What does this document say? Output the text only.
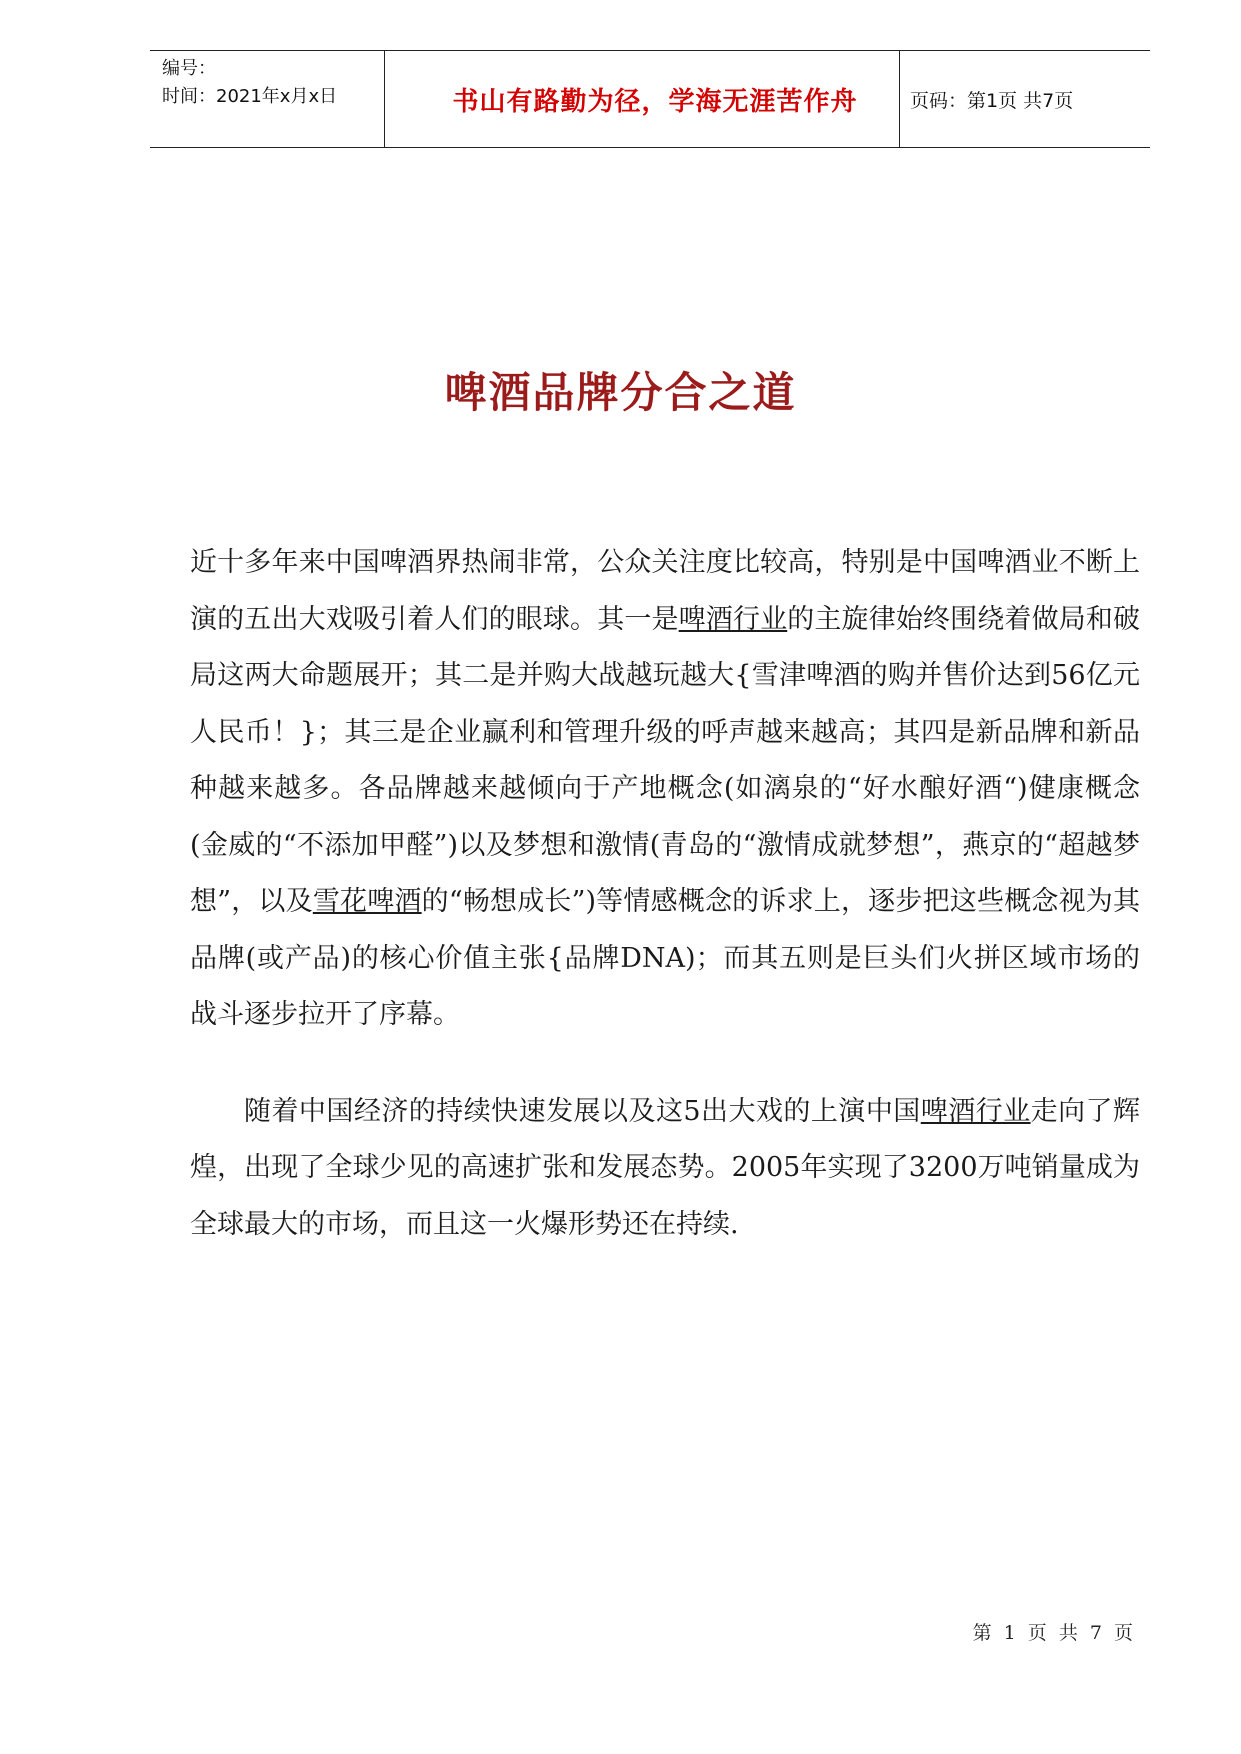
编号：
时间：2021年x月x日	书山有路勤为径，学海无涯苦作舟	页码：第1页 共7页
啤酒品牌分合之道

近十多年来中国啤酒界热闹非常，公众关注度比较高，特别是中国啤酒业不断上演的五出大戏吸引着人们的眼球。其一是啤酒行业的主旋律始终围绕着做局和破局这两大命题展开；其二是并购大战越玩越大{雪津啤酒的购并售价达到56亿元人民币！}；其三是企业赢利和管理升级的呼声越来越高；其四是新品牌和新品种越来越多。各品牌越来越倾向于产地概念(如漓泉的“好水酿好酒“)健康概念(金威的“不添加甲醛”)以及梦想和激情(青岛的“激情成就梦想”，燕京的“超越梦想”，以及雪花啤酒的“畅想成长”)等情感概念的诉求上，逐步把这些概念视为其品牌(或产品)的核心价值主张{品牌DNA)；而其五则是巨头们火拼区域市场的战斗逐步拉开了序幕。

随着中国经济的持续快速发展以及这5出大戏的上演中国啤酒行业走向了辉煌，出现了全球少见的高速扩张和发展态势。2005年实现了3200万吨销量成为全球最大的市场，而且这一火爆形势还在持续.

第 1 页 共 7 页
